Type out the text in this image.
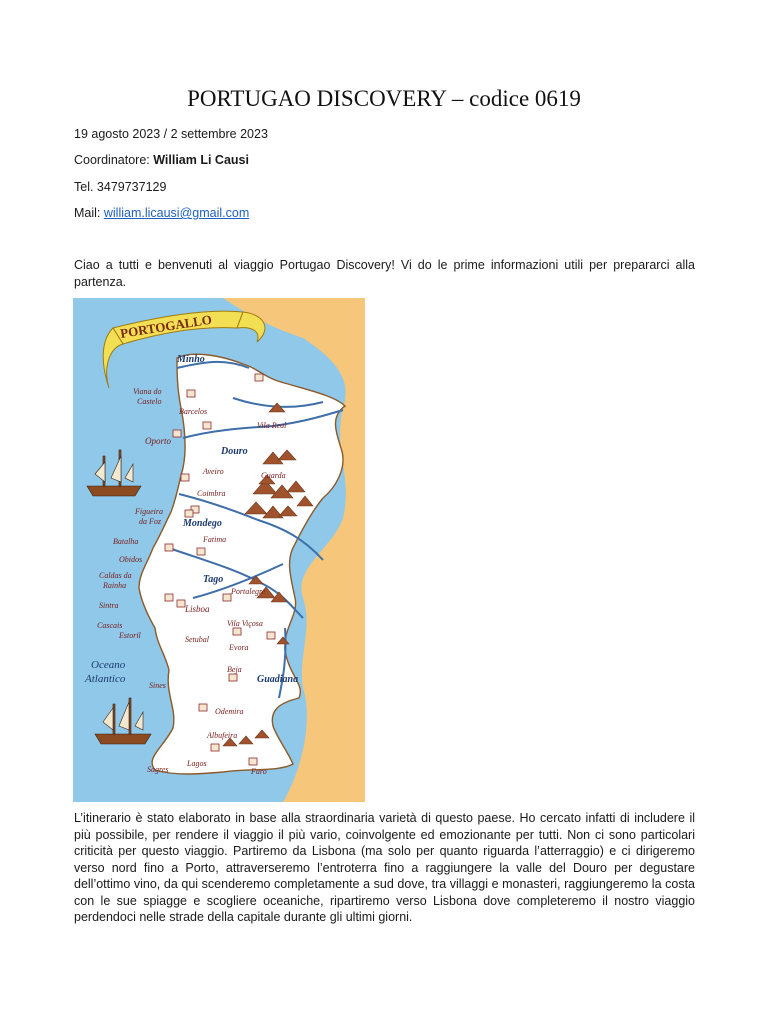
PORTUGAO DISCOVERY – codice 0619
19 agosto 2023 / 2 settembre 2023
Coordinatore: William Li Causi
Tel. 3479737129
Mail: william.licausi@gmail.com
Ciao a tutti e benvenuti al viaggio Portugao Discovery! Vi do le prime informazioni utili per prepararci alla partenza.
PORTOGALLO
Oceano
Atlantico
Minho
Douro
Mondego
Tago
Guadiana
Viana do
Castelo
Barcelos
Vila Real
Oporto
Aveiro	Guarda
Coimbra
Figueira
da Foz
Fatima
Batalha
Obidos
Caldas da
Rainha
Sintra	Lisboa
Portalegre
Cascais
Estoril
Vila Viçosa
Setubal
Evora
Beja
Sines
Odemira
Albufeira
Lagos
Sagres	Faro
L’itinerario è stato elaborato in base alla straordinaria varietà di questo paese. Ho cercato infatti di includere il più possibile, per rendere il viaggio il più vario, coinvolgente ed emozionante per tutti. Non ci sono particolari criticità per questo viaggio. Partiremo da Lisbona (ma solo per quanto riguarda l’atterraggio) e ci dirigeremo verso nord fino a Porto, attraverseremo l’entroterra fino a raggiungere la valle del Douro per degustare dell’ottimo vino, da qui scenderemo completamente a sud dove, tra villaggi e monasteri, raggiungeremo la costa con le sue spiagge e scogliere oceaniche, ripartiremo verso Lisbona dove completeremo il nostro viaggio perdendoci nelle strade della capitale durante gli ultimi giorni.
